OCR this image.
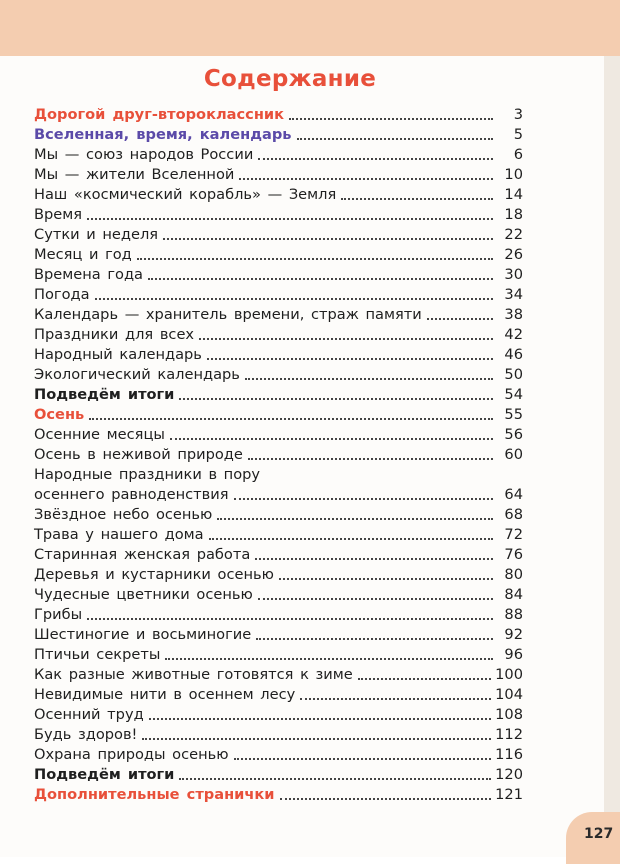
Содержание
Дорогой друг-второклассник	3
Вселенная, время, календарь	5
Мы — союз народов России	6
Мы — жители Вселенной	10
Наш «космический корабль» — Земля	14
Время	18
Сутки и неделя	22
Месяц и год	26
Времена года	30
Погода	34
Календарь — хранитель времени, страж памяти	38
Праздники для всех	42
Народный календарь	46
Экологический календарь	50
Подведём итоги	54
Осень	55
Осенние месяцы	56
Осень в неживой природе	60
Народные праздники в пору
осеннего равноденствия	64
Звёздное небо осенью	68
Трава у нашего дома	72
Старинная женская работа	76
Деревья и кустарники осенью	80
Чудесные цветники осенью	84
Грибы	88
Шестиногие и восьминогие	92
Птичьи секреты	96
Как разные животные готовятся к зиме	100
Невидимые нити в осеннем лесу	104
Осенний труд	108
Будь здоров!	112
Охрана природы осенью	116
Подведём итоги	120
Дополнительные странички	121
127
